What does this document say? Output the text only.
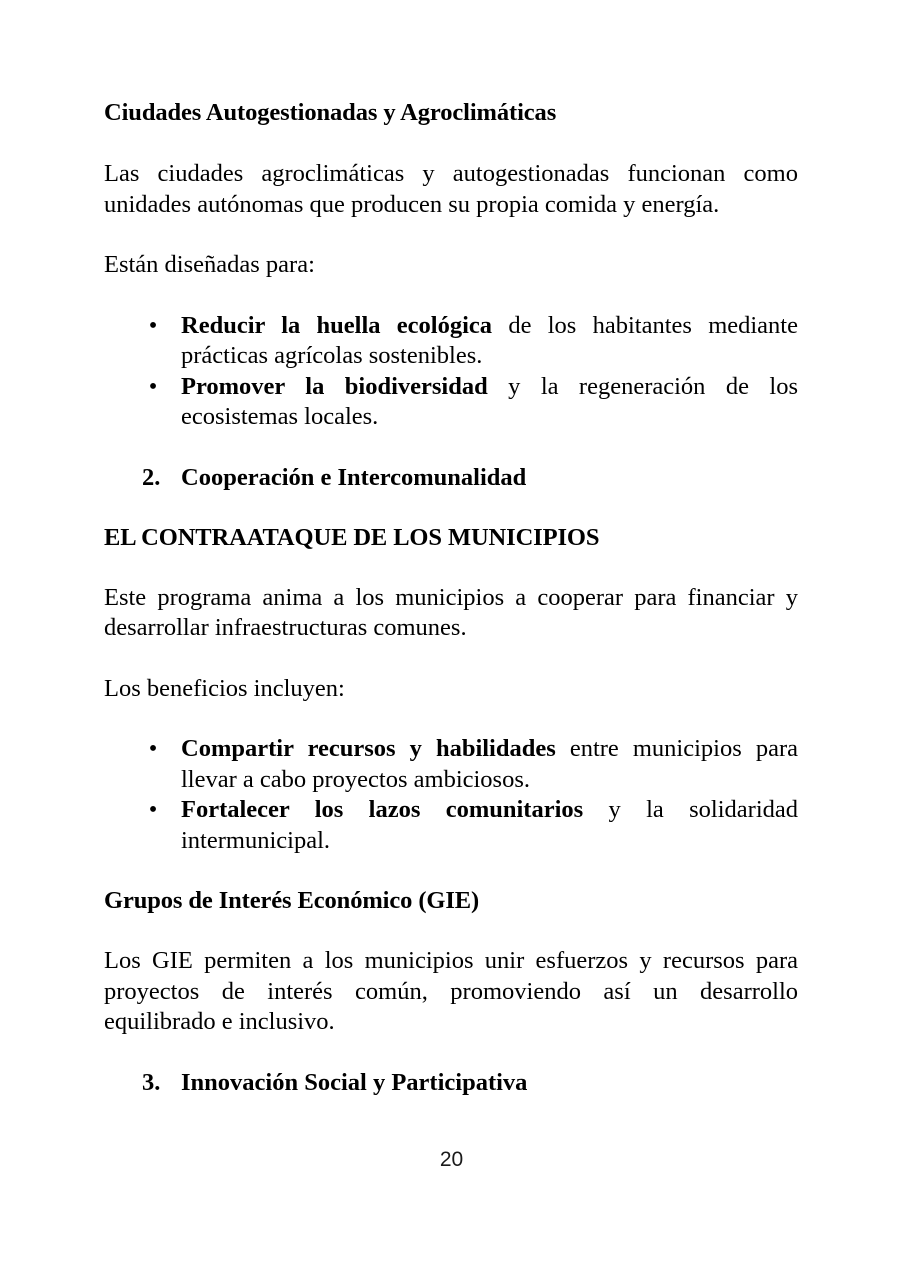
Ciudades Autogestionadas y Agroclimáticas

Las ciudades agroclimáticas y autogestionadas funcionan como unidades autónomas que producen su propia comida y energía.

Están diseñadas para:

• Reducir la huella ecológica de los habitantes mediante prácticas agrícolas sostenibles.
• Promover la biodiversidad y la regeneración de los ecosistemas locales.
2. Cooperación e Intercomunalidad
EL CONTRAATAQUE DE LOS MUNICIPIOS

Este programa anima a los municipios a cooperar para financiar y desarrollar infraestructuras comunes.

Los beneficios incluyen:

• Compartir recursos y habilidades entre municipios para llevar a cabo proyectos ambiciosos.
• Fortalecer los lazos comunitarios y la solidaridad intermunicipal.
Grupos de Interés Económico (GIE)

Los GIE permiten a los municipios unir esfuerzos y recursos para proyectos de interés común, promoviendo así un desarrollo equilibrado e inclusivo.

3. Innovación Social y Participativa
20
